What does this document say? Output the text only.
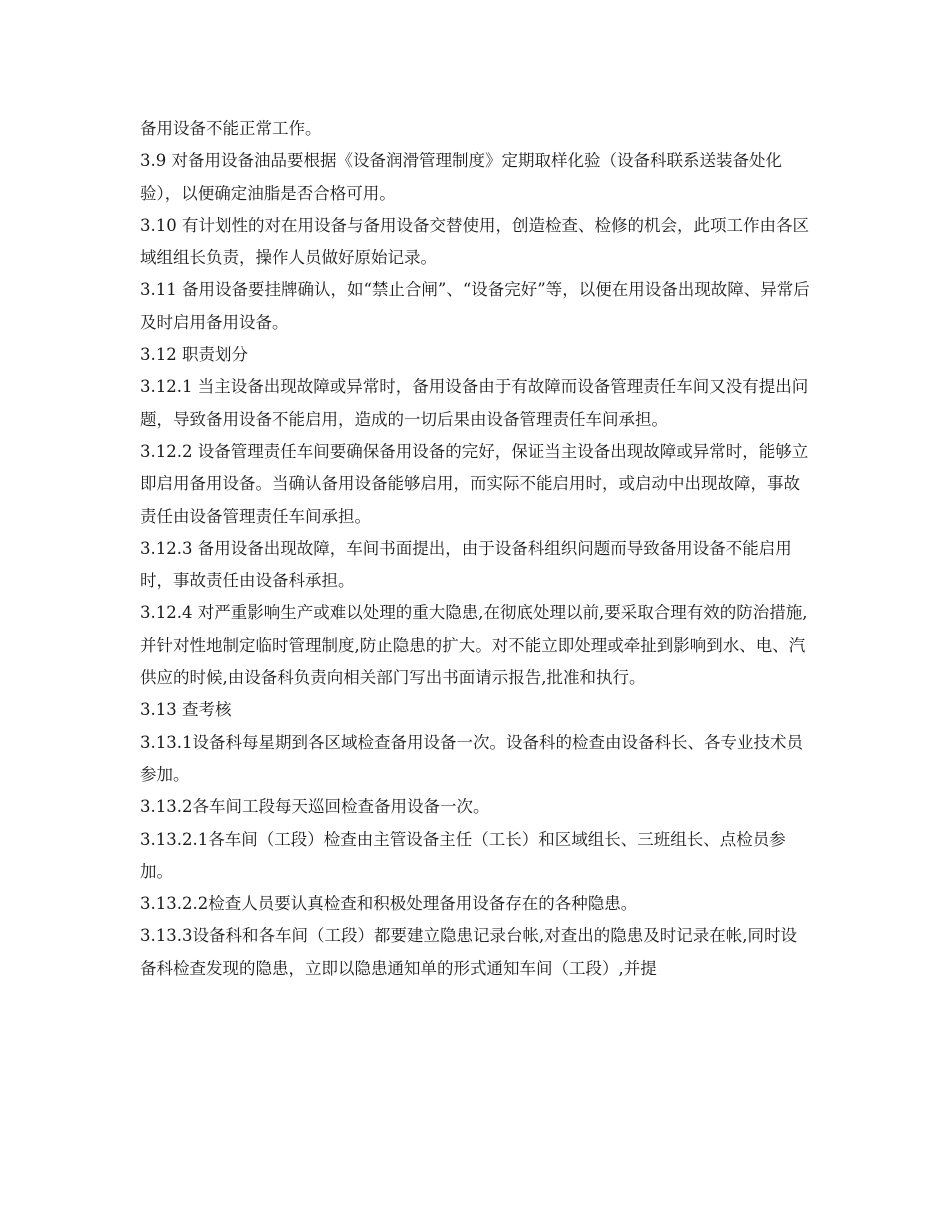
备用设备不能正常工作。

3.9 对备用设备油品要根据《设备润滑管理制度》定期取样化验（设备科联系送装备处化验），以便确定油脂是否合格可用。

3.10 有计划性的对在用设备与备用设备交替使用，创造检查、检修的机会，此项工作由各区域组组长负责，操作人员做好原始记录。

3.11 备用设备要挂牌确认，如“禁止合闸”、“设备完好”等，以便在用设备出现故障、异常后及时启用备用设备。

3.12 职责划分

3.12.1 当主设备出现故障或异常时，备用设备由于有故障而设备管理责任车间又没有提出问题，导致备用设备不能启用，造成的一切后果由设备管理责任车间承担。

3.12.2 设备管理责任车间要确保备用设备的完好，保证当主设备出现故障或异常时，能够立即启用备用设备。当确认备用设备能够启用，而实际不能启用时，或启动中出现故障，事故责任由设备管理责任车间承担。

3.12.3 备用设备出现故障，车间书面提出，由于设备科组织问题而导致备用设备不能启用时，事故责任由设备科承担。

3.12.4 对严重影响生产或难以处理的重大隐患,在彻底处理以前,要采取合理有效的防治措施,并针对性地制定临时管理制度,防止隐患的扩大。对不能立即处理或牵扯到影响到水、电、汽供应的时候,由设备科负责向相关部门写出书面请示报告,批准和执行。

3.13 查考核

3.13.1设备科每星期到各区域检查备用设备一次。设备科的检查由设备科长、各专业技术员参加。

3.13.2各车间工段每天巡回检查备用设备一次。

3.13.2.1各车间（工段）检查由主管设备主任（工长）和区域组长、三班组长、点检员参加。

3.13.2.2检查人员要认真检查和积极处理备用设备存在的各种隐患。

3.13.3设备科和各车间（工段）都要建立隐患记录台帐,对查出的隐患及时记录在帐,同时设备科检查发现的隐患，立即以隐患通知单的形式通知车间（工段）,并提
